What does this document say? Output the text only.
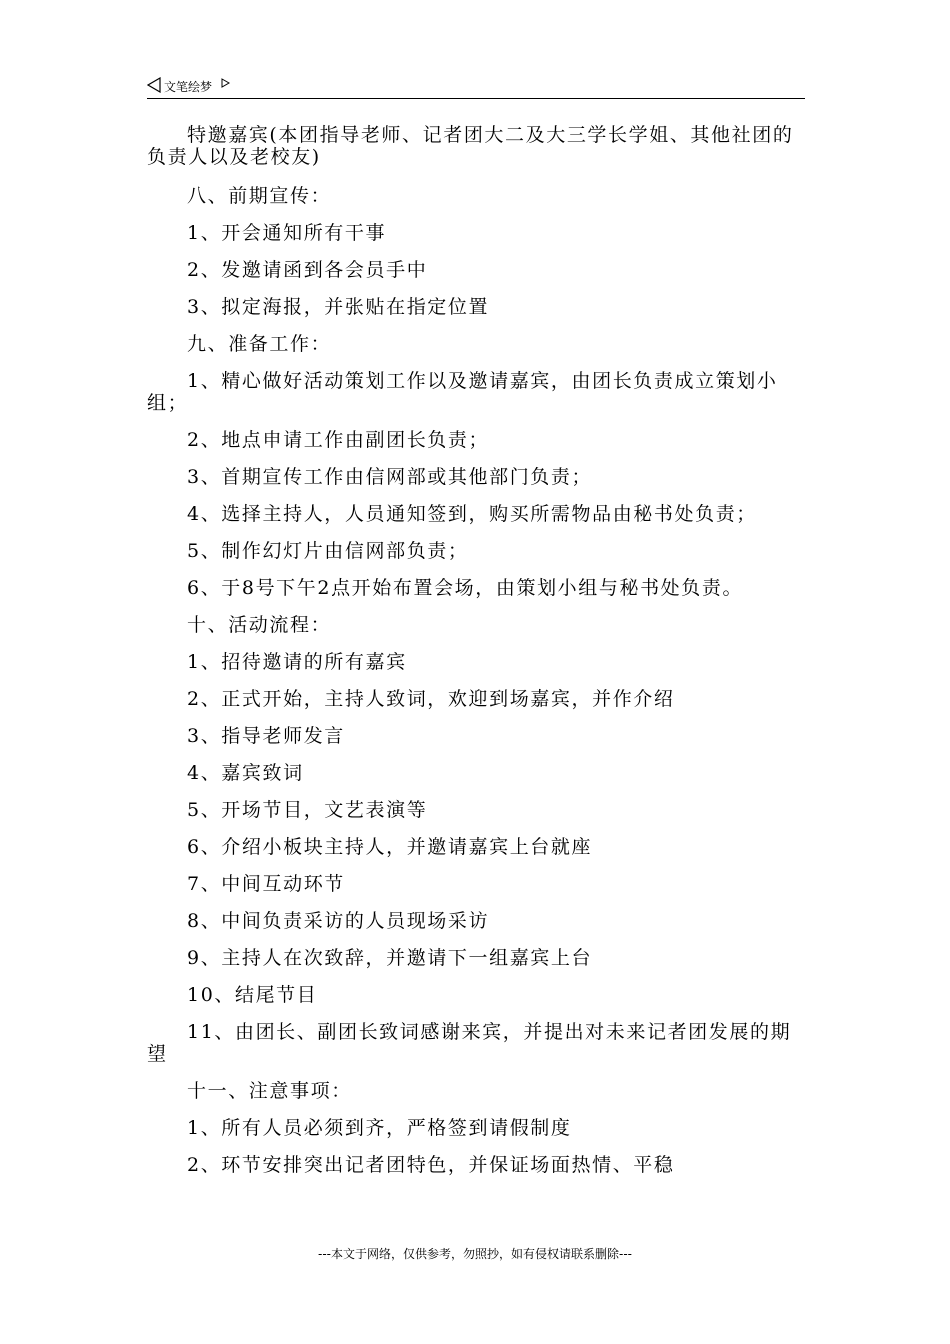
文笔绘梦

特邀嘉宾(本团指导老师、记者团大二及大三学长学姐、其他社团的负责人以及老校友)

八、前期宣传：

1、开会通知所有干事

2、发邀请函到各会员手中

3、拟定海报，并张贴在指定位置

九、准备工作：

1、精心做好活动策划工作以及邀请嘉宾，由团长负责成立策划小组；

2、地点申请工作由副团长负责；

3、首期宣传工作由信网部或其他部门负责；

4、选择主持人，人员通知签到，购买所需物品由秘书处负责；

5、制作幻灯片由信网部负责；

6、于8号下午2点开始布置会场，由策划小组与秘书处负责。

十、活动流程：

1、招待邀请的所有嘉宾

2、正式开始，主持人致词，欢迎到场嘉宾，并作介绍

3、指导老师发言

4、嘉宾致词

5、开场节目，文艺表演等

6、介绍小板块主持人，并邀请嘉宾上台就座

7、中间互动环节

8、中间负责采访的人员现场采访

9、主持人在次致辞，并邀请下一组嘉宾上台

10、结尾节目

11、由团长、副团长致词感谢来宾，并提出对未来记者团发展的期望

十一、注意事项：

1、所有人员必须到齐，严格签到请假制度

2、环节安排突出记者团特色，并保证场面热情、平稳

---本文于网络，仅供参考，勿照抄，如有侵权请联系删除---
